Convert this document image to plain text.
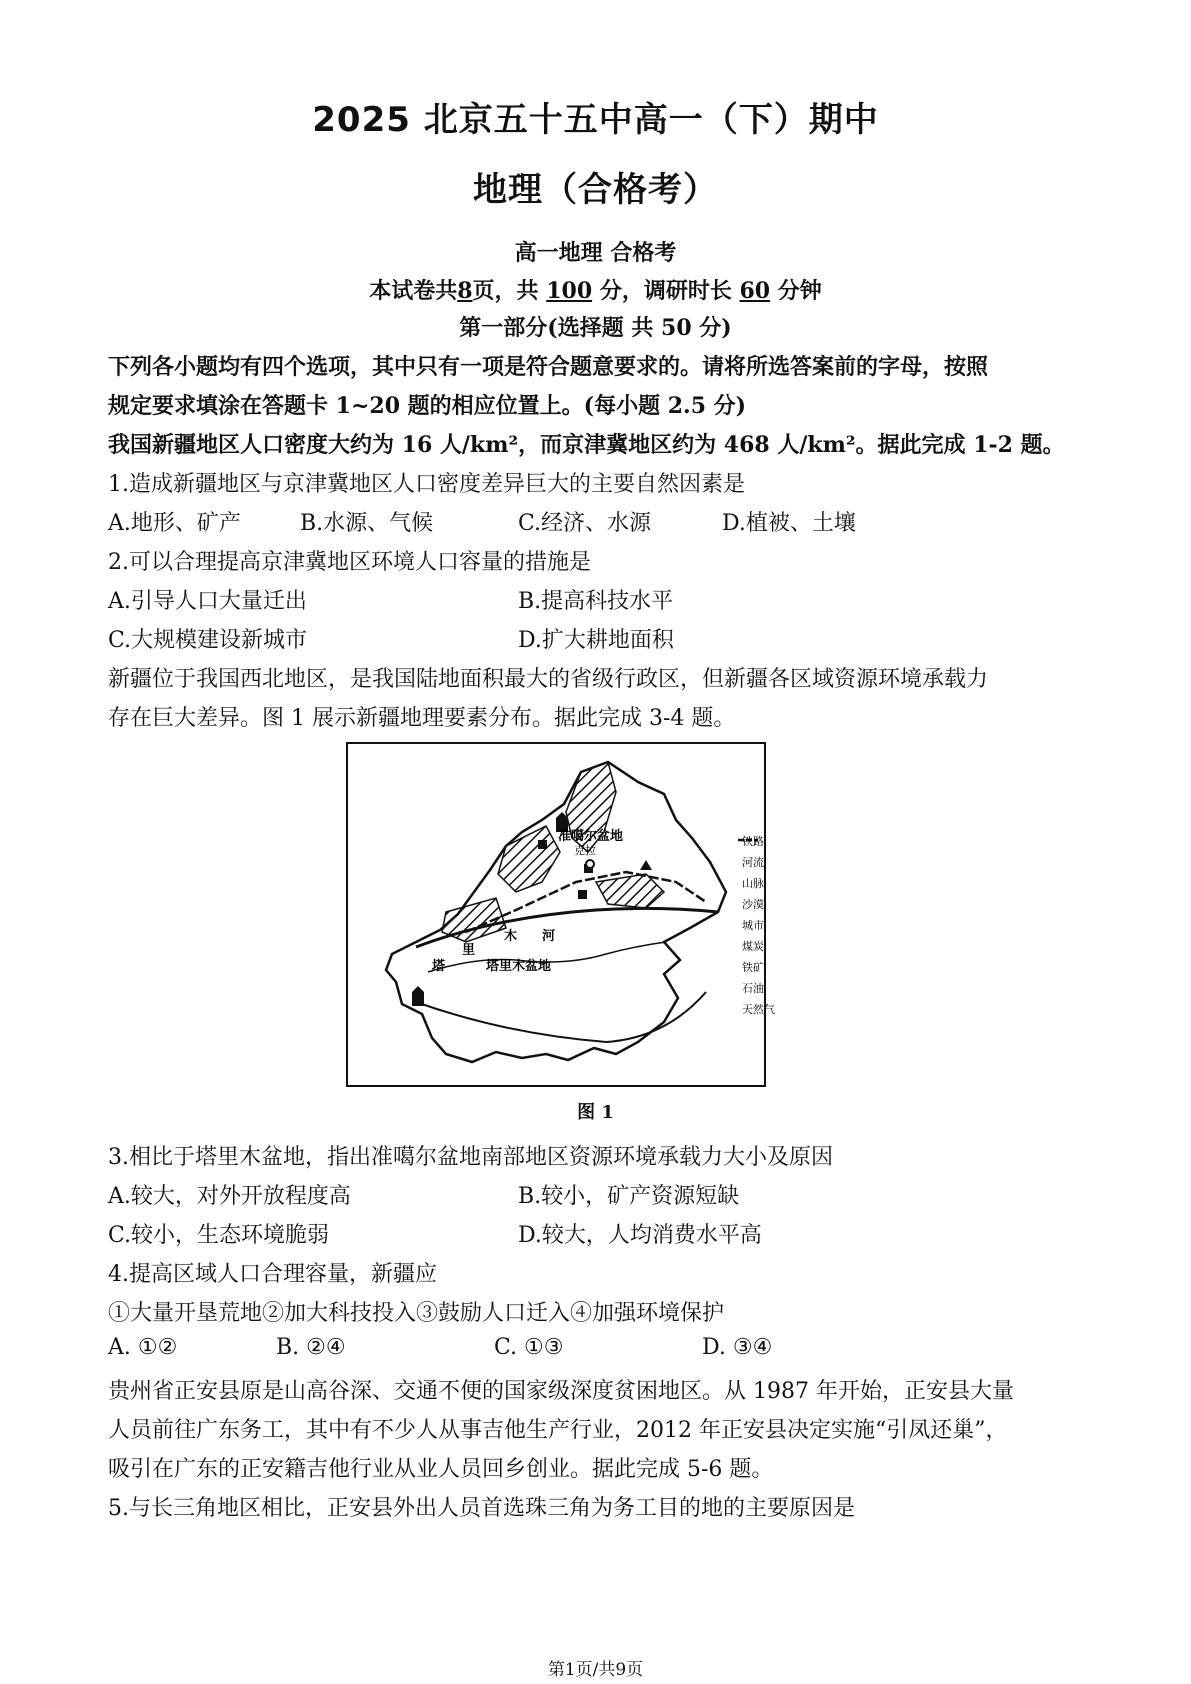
2025 北京五十五中高一（下）期中
地理（合格考）
高一地理 合格考
本试卷共8页，共 100 分，调研时长 60 分钟
第一部分(选择题 共 50 分)
下列各小题均有四个选项，其中只有一项是符合题意要求的。请将所选答案前的字母，按照
规定要求填涂在答题卡 1~20 题的相应位置上。(每小题 2.5 分)
我国新疆地区人口密度大约为 16 人/km²，而京津冀地区约为 468 人/km²。据此完成 1-2 题。
1.造成新疆地区与京津冀地区人口密度差异巨大的主要自然因素是
A.地形、矿产	B.水源、气候	C.经济、水源	D.植被、土壤
2.可以合理提高京津冀地区环境人口容量的措施是
A.引导人口大量迁出	B.提高科技水平
C.大规模建设新城市	D.扩大耕地面积
新疆位于我国西北地区，是我国陆地面积最大的省级行政区，但新疆各区域资源环境承载力
存在巨大差异。图 1 展示新疆地理要素分布。据此完成 3-4 题。
准噶尔盆地
克拉
塔里木盆地
木 河
里
塔
铁路
河流
山脉
沙漠
城市
煤炭
铁矿
石油
天然气
图 1
3.相比于塔里木盆地，指出准噶尔盆地南部地区资源环境承载力大小及原因
A.较大，对外开放程度高	B.较小，矿产资源短缺
C.较小，生态环境脆弱	D.较大，人均消费水平高
4.提高区域人口合理容量，新疆应
①大量开垦荒地②加大科技投入③鼓励人口迁入④加强环境保护
A. ①②	B. ②④	C. ①③	D. ③④
贵州省正安县原是山高谷深、交通不便的国家级深度贫困地区。从 1987 年开始，正安县大量
人员前往广东务工，其中有不少人从事吉他生产行业，2012 年正安县决定实施“引凤还巢”，
吸引在广东的正安籍吉他行业从业人员回乡创业。据此完成 5-6 题。
5.与长三角地区相比，正安县外出人员首选珠三角为务工目的地的主要原因是
第1页/共9页
